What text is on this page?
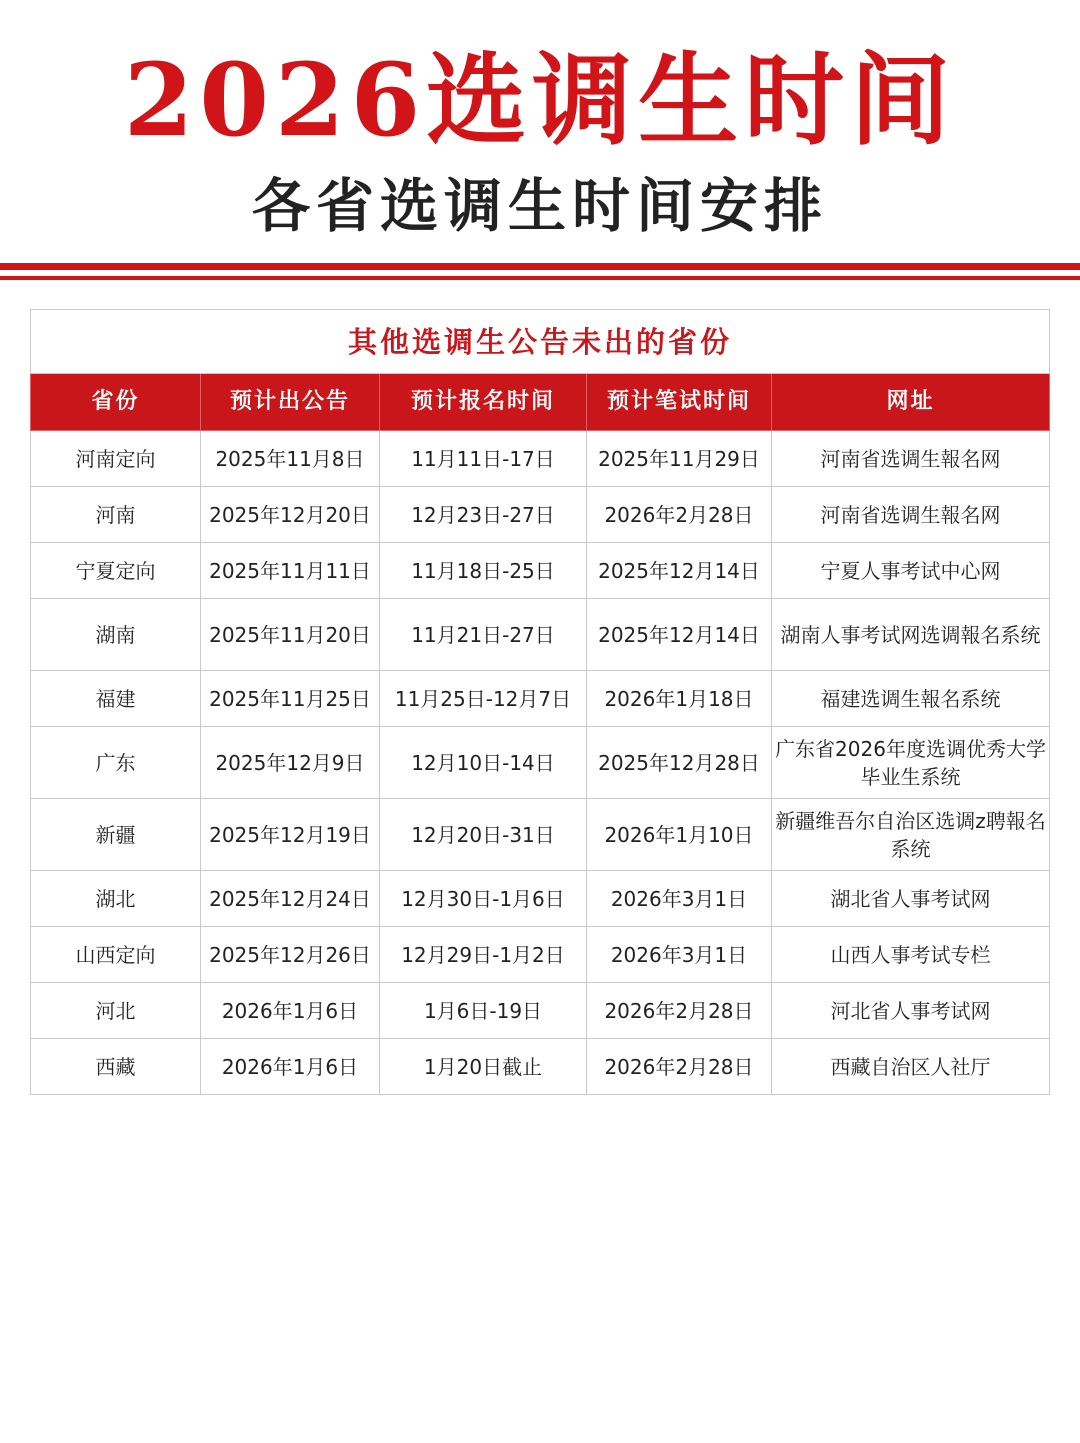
2026选调生时间
各省选调生时间安排
其他选调生公告未出的省份				
省份	预计出公告	预计报名时间	预计笔试时间	网址
河南定向	2025年11月8日	11月11日-17日	2025年11月29日	河南省选调生報名网
河南	2025年12月20日	12月23日-27日	2026年2月28日	河南省选调生報名网
宁夏定向	2025年11月11日	11月18日-25日	2025年12月14日	宁夏人事考试中心网
湖南	2025年11月20日	11月21日-27日	2025年12月14日	湖南人事考试网选调報名系统
福建	2025年11月25日	11月25日-12月7日	2026年1月18日	福建选调生報名系统
广东	2025年12月9日	12月10日-14日	2025年12月28日	广东省2026年度选调优秀大学毕业生系统
新疆	2025年12月19日	12月20日-31日	2026年1月10日	新疆维吾尔自治区选调z聘報名系统
湖北	2025年12月24日	12月30日-1月6日	2026年3月1日	湖北省人事考试网
山西定向	2025年12月26日	12月29日-1月2日	2026年3月1日	山西人事考试专栏
河北	2026年1月6日	1月6日-19日	2026年2月28日	河北省人事考试网
西藏	2026年1月6日	1月20日截止	2026年2月28日	西藏自治区人社厅
